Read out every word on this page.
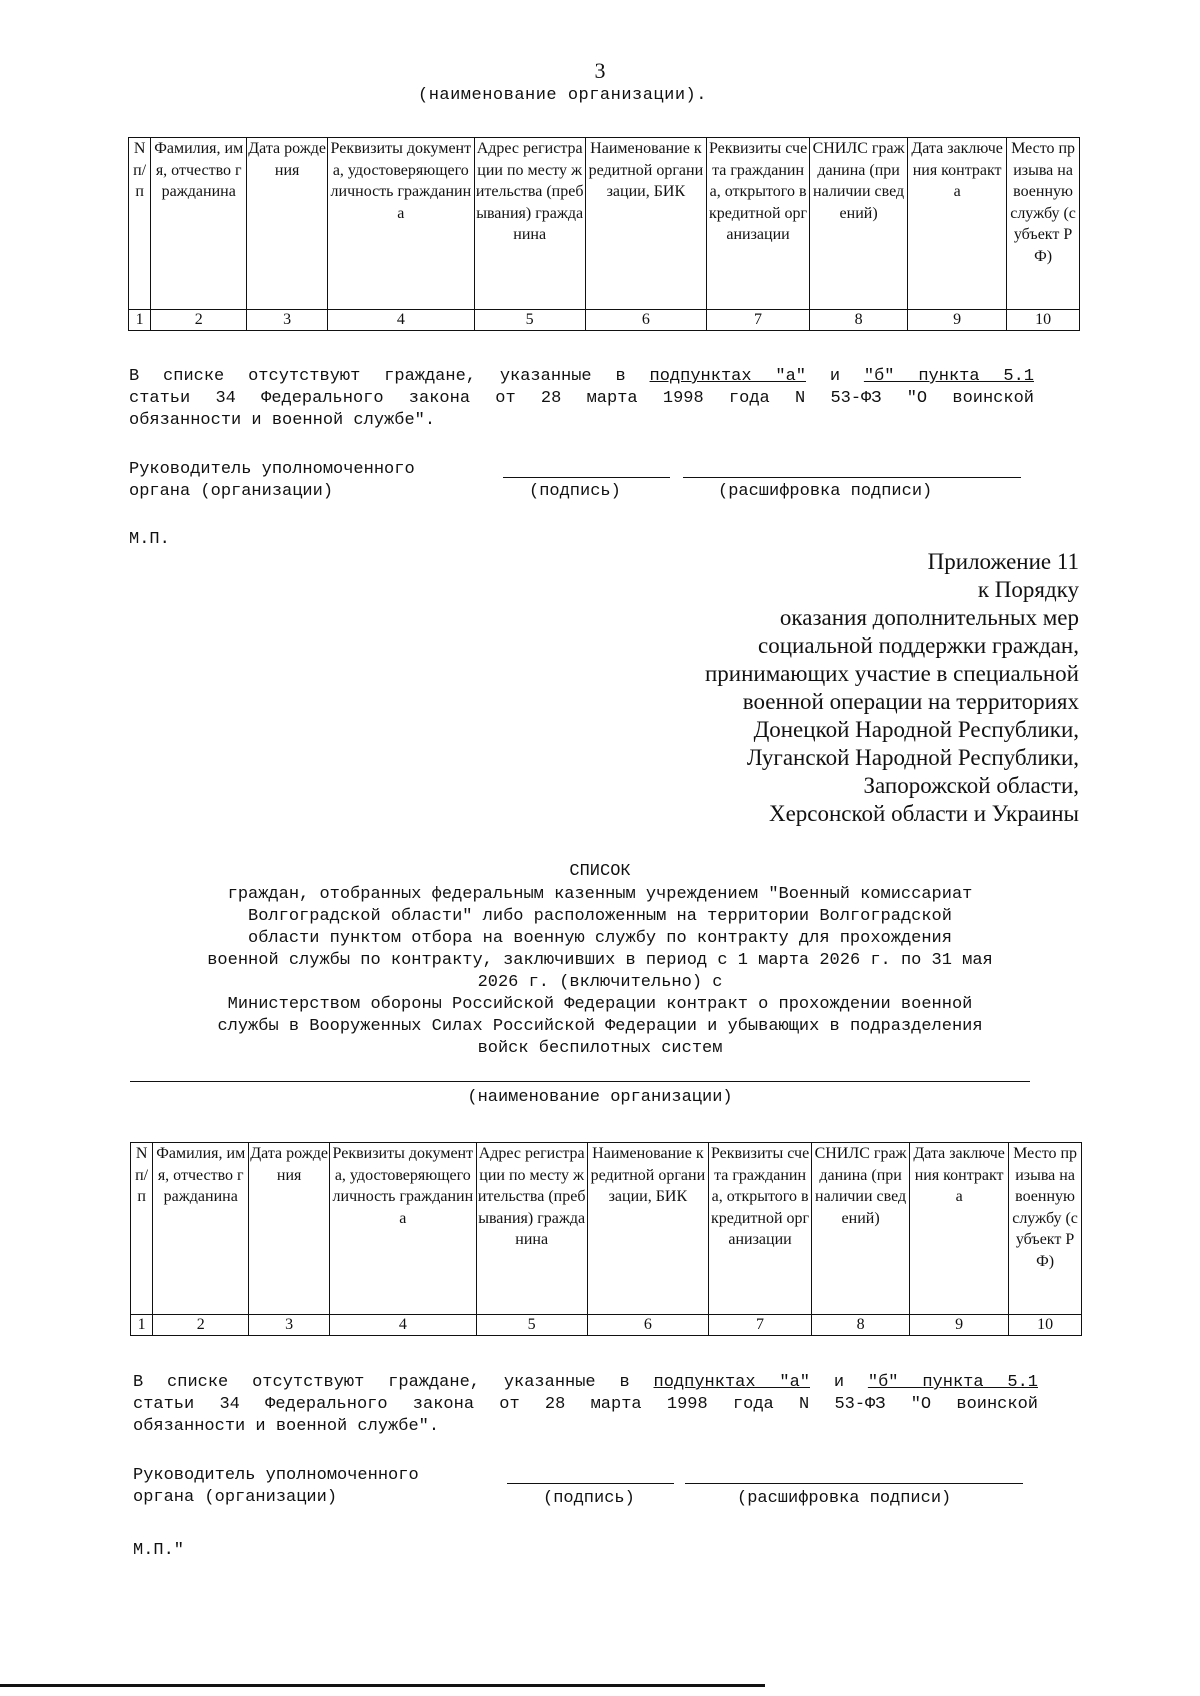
3
(наименование организации).
N п/п	Фамилия, имя, отчество гражданина	Дата рождения	Реквизиты документа, удостоверяющего личность гражданина	Адрес регистрации по месту жительства (пребывания) гражданина	Наименование кредитной организации, БИК	Реквизиты счета гражданина, открытого в кредитной организации	СНИЛС гражданина (при наличии сведений)	Дата заключения контракта	Место призыва на военную службу (субъект РФ)
1	2	3	4	5	6	7	8	9	10
В списке отсутствуют граждане, указанные в подпунктах "а" и "б" пункта 5.1
статьи 34 Федерального закона от 28 марта 1998 года N 53-ФЗ "О воинской
обязанности и военной службе".
Руководитель уполномоченного
органа (организации)	(подпись)	(расшифровка подписи)
М.П.
Приложение 11
к Порядку
оказания дополнительных мер
социальной поддержки граждан,
принимающих участие в специальной
военной операции на территориях
Донецкой Народной Республики,
Луганской Народной Республики,
Запорожской области,
Херсонской области и Украины
СПИСОК
граждан, отобранных федеральным казенным учреждением "Военный комиссариат
Волгоградской области" либо расположенным на территории Волгоградской
области пунктом отбора на военную службу по контракту для прохождения
военной службы по контракту, заключивших в период с 1 марта 2026 г. по 31 мая
2026 г. (включительно) с
Министерством обороны Российской Федерации контракт о прохождении военной
службы в Вооруженных Силах Российской Федерации и убывающих в подразделения
войск беспилотных систем
(наименование организации)
N п/п	Фамилия, имя, отчество гражданина	Дата рождения	Реквизиты документа, удостоверяющего личность гражданина	Адрес регистрации по месту жительства (пребывания) гражданина	Наименование кредитной организации, БИК	Реквизиты счета гражданина, открытого в кредитной организации	СНИЛС гражданина (при наличии сведений)	Дата заключения контракта	Место призыва на военную службу (субъект РФ)
1	2	3	4	5	6	7	8	9	10
В списке отсутствуют граждане, указанные в подпунктах "а" и "б" пункта 5.1
статьи 34 Федерального закона от 28 марта 1998 года N 53-ФЗ "О воинской
обязанности и военной службе".
Руководитель уполномоченного
органа (организации)	(подпись)	(расшифровка подписи)
М.П."
